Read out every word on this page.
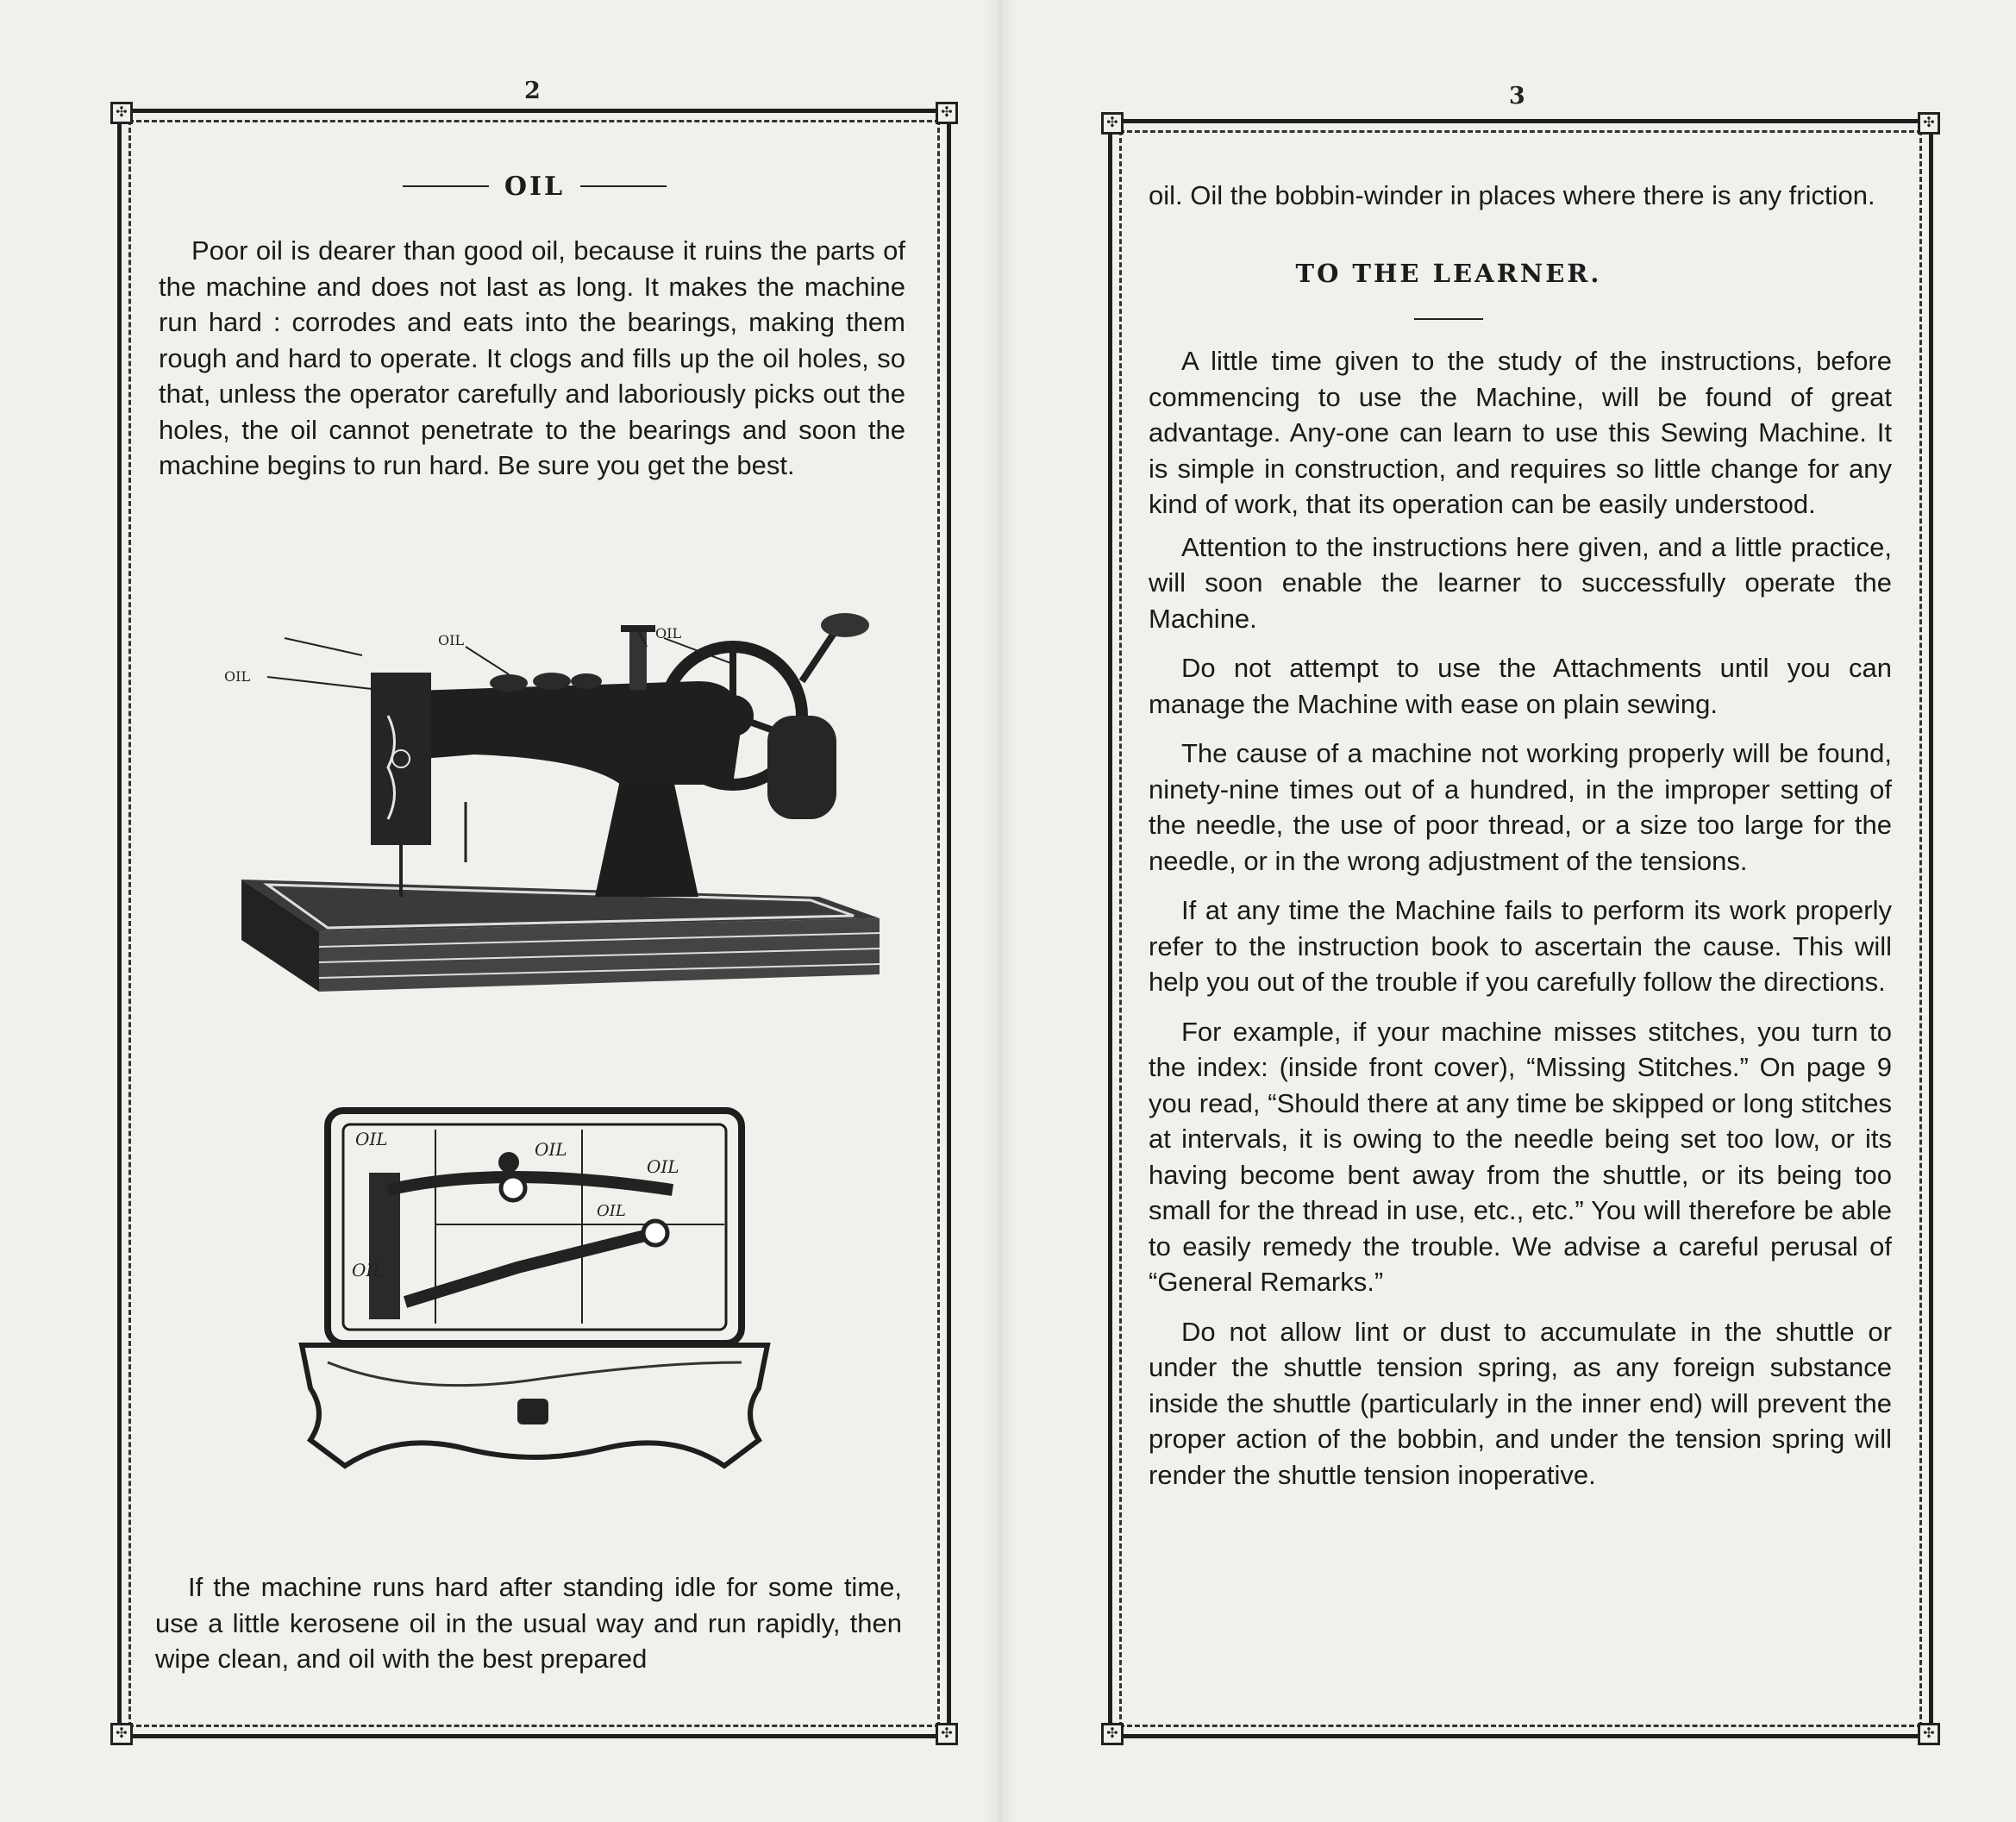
2
✣	✣
✣	✣
OIL

Poor oil is dearer than good oil, because it ruins the parts of the machine and does not last as long. It makes the machine run hard : corrodes and eats into the bearings, making them rough and hard to operate. It clogs and fills up the oil holes, so that, unless the operator carefully and laboriously picks out the holes, the oil cannot penetrate to the bearings and soon the machine begins to run hard. Be sure you get the best.

OIL
OIL	OIL
OIL	OIL
OIL
OIL
OIL

If the machine runs hard after standing idle for some time, use a little kerosene oil in the usual way and run rapidly, then wipe clean, and oil with the best prepared

3
✣	✣
✣	✣

oil. Oil the bobbin-winder in places where there is any friction.

TO THE LEARNER.

A little time given to the study of the instructions, before commencing to use the Machine, will be found of great advantage. Any-one can learn to use this Sewing Machine. It is simple in construction, and requires so little change for any kind of work, that its operation can be easily understood.

Attention to the instructions here given, and a little practice, will soon enable the learner to successfully operate the Machine.

Do not attempt to use the Attachments until you can manage the Machine with ease on plain sewing.

The cause of a machine not working properly will be found, ninety-nine times out of a hundred, in the improper setting of the needle, the use of poor thread, or a size too large for the needle, or in the wrong adjustment of the tensions.

If at any time the Machine fails to perform its work properly refer to the instruction book to ascertain the cause. This will help you out of the trouble if you carefully follow the directions.

For example, if your machine misses stitches, you turn to the index: (inside front cover), “Missing Stitches.” On page 9 you read, “Should there at any time be skipped or long stitches at intervals, it is owing to the needle being set too low, or its having become bent away from the shuttle, or its being too small for the thread in use, etc., etc.” You will therefore be able to easily remedy the trouble. We advise a careful perusal of “General Remarks.”

Do not allow lint or dust to accumulate in the shuttle or under the shuttle tension spring, as any foreign substance inside the shuttle (particularly in the inner end) will prevent the proper action of the bobbin, and under the tension spring will render the shuttle tension inoperative.
